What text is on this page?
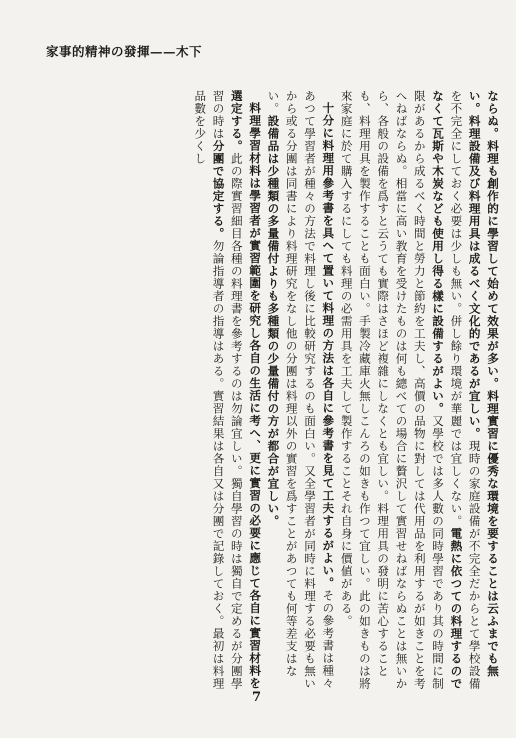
家事的精神の發揮——木下

ならぬ。料理も創作的に學習して始めて效果が多い。料理實習に優秀な環境を要することは云ふまでも無い。料理設備及び料理用具は成るべく文化的であるが宜しい。現時の家庭設備が不完全だからとて學校設備を不完全にしておく必要は少しも無い。併し餘り環境が華麗では宜しくない。電熱に依つての料理するのでなくて瓦斯や木炭なども使用し得る樣に設備するがよい。又學校では多人數の同時學習であり其の時間に制限があるから成るべく時間と勞力と節約を工夫し、高價の品物に對しては代用品を利用するが如きことを考へねばならぬ。相當に高い教育を受けたものは何も總べての場合に贅沢して實習せねばならぬことは無いから、各般の設備を爲すと云うても實際はさほど複雜にしなくとも宜しい。料理用具の發明に苦心することも、料理用具を製作することも面白い。手製冷藏庫火無しこんろの如きも作つて宜しい。此の如きものは將來家庭に於て購入するにしても料理の必需用具を工夫して製作することそれ自身に價値がある。

十分に料理用參考書を具へて置いて料理の方法は各自に參考書を見て工夫するがよい。その參考書は種々あつて學習者が種々の方法で料理し後に比較研究するのも面白い。又全學習者が同時に料理する必要も無いから或る分團は同書により料理研究をなし他の分團は料理以外の實習を爲すことがあつても何等差支はない。設備品は少種類の多量備付よりも多種類の少量備付の方が都合が宜しい。

料理學習材料は學習者が實習範圍を研究し各自の生活に考へ、更に實習の必要に應じて各自に實習材料を選定する。此の際實習細目各種の料理書を參考するのは勿論宜しい。獨自學習の時は獨自で定めるが分團學習の時は分團で協定する。勿論指導者の指導はある。實習結果は各自又は分團で記錄しておく。最初は料理品數を少くし

7
